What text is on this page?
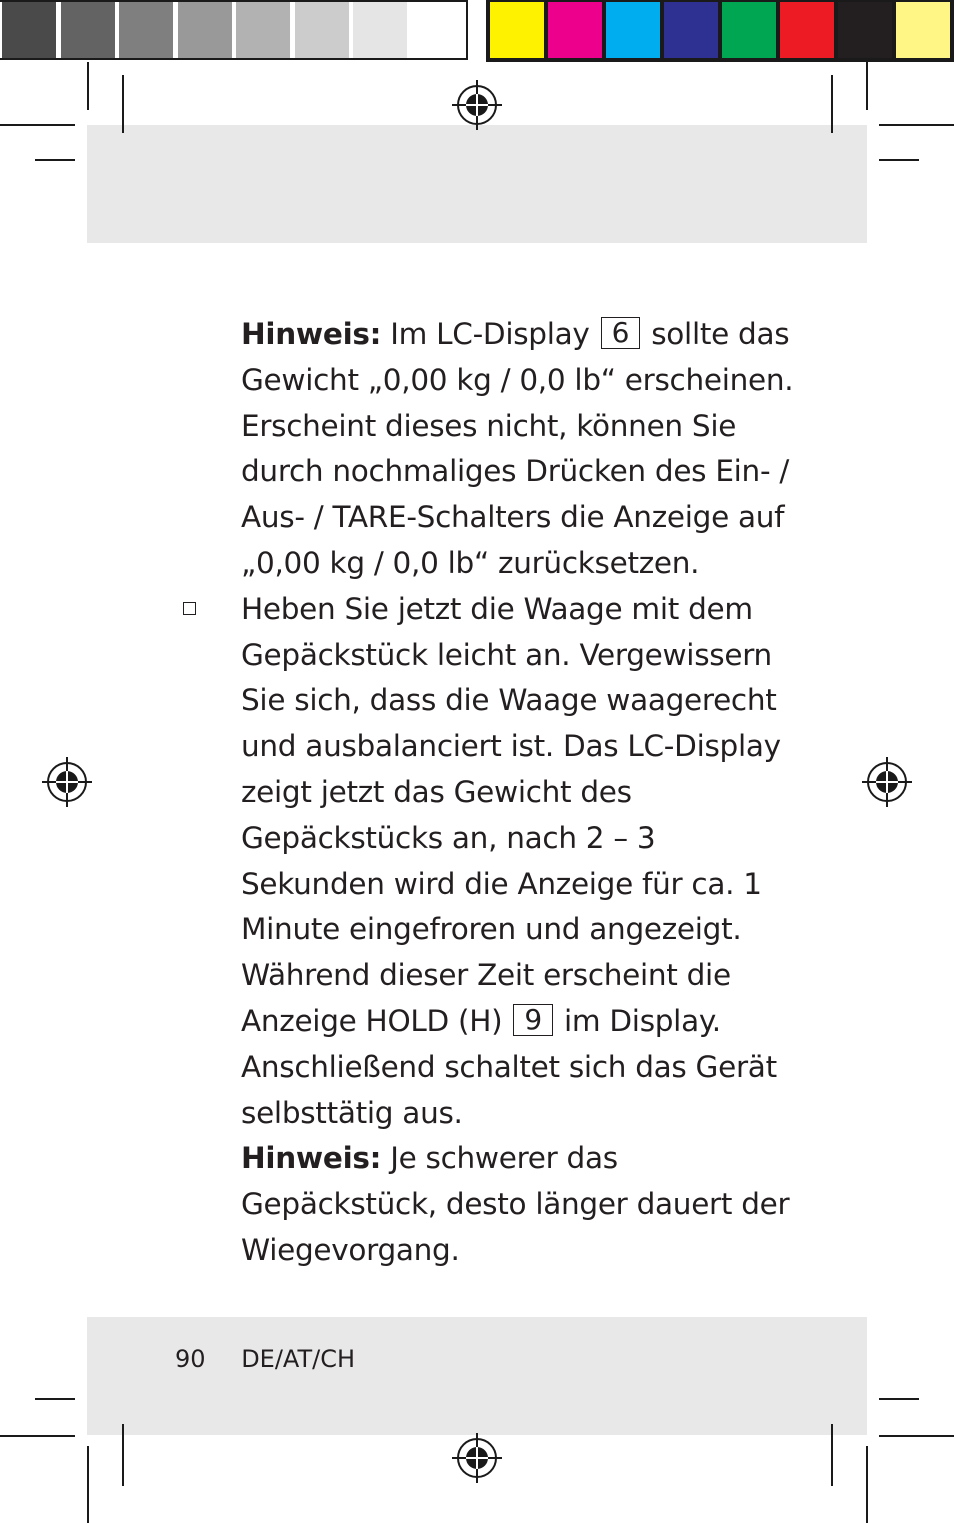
Hinweis: Im LC-Display 6 sollte das Gewicht „0,00 kg / 0,0 lb“ erscheinen. Erscheint dieses nicht, können Sie durch nochmaliges Drücken des Ein- / Aus- / TARE-Schalters die Anzeige auf „0,00 kg / 0,0 lb“ zurücksetzen.

Heben Sie jetzt die Waage mit dem Gepäckstück leicht an. Vergewissern Sie sich, dass die Waage waagerecht und ausbalanciert ist. Das LC-Display zeigt jetzt das Gewicht des Gepäckstücks an, nach 2 – 3 Sekunden wird die Anzeige für ca. 1 Minute eingefroren und angezeigt. Während dieser Zeit erscheint die Anzeige HOLD (H) 9 im Display. Anschließend schaltet sich das Gerät selbsttätig aus.

Hinweis: Je schwerer das Gepäckstück, desto länger dauert der Wiegevorgang.

90 DE/AT/CH
